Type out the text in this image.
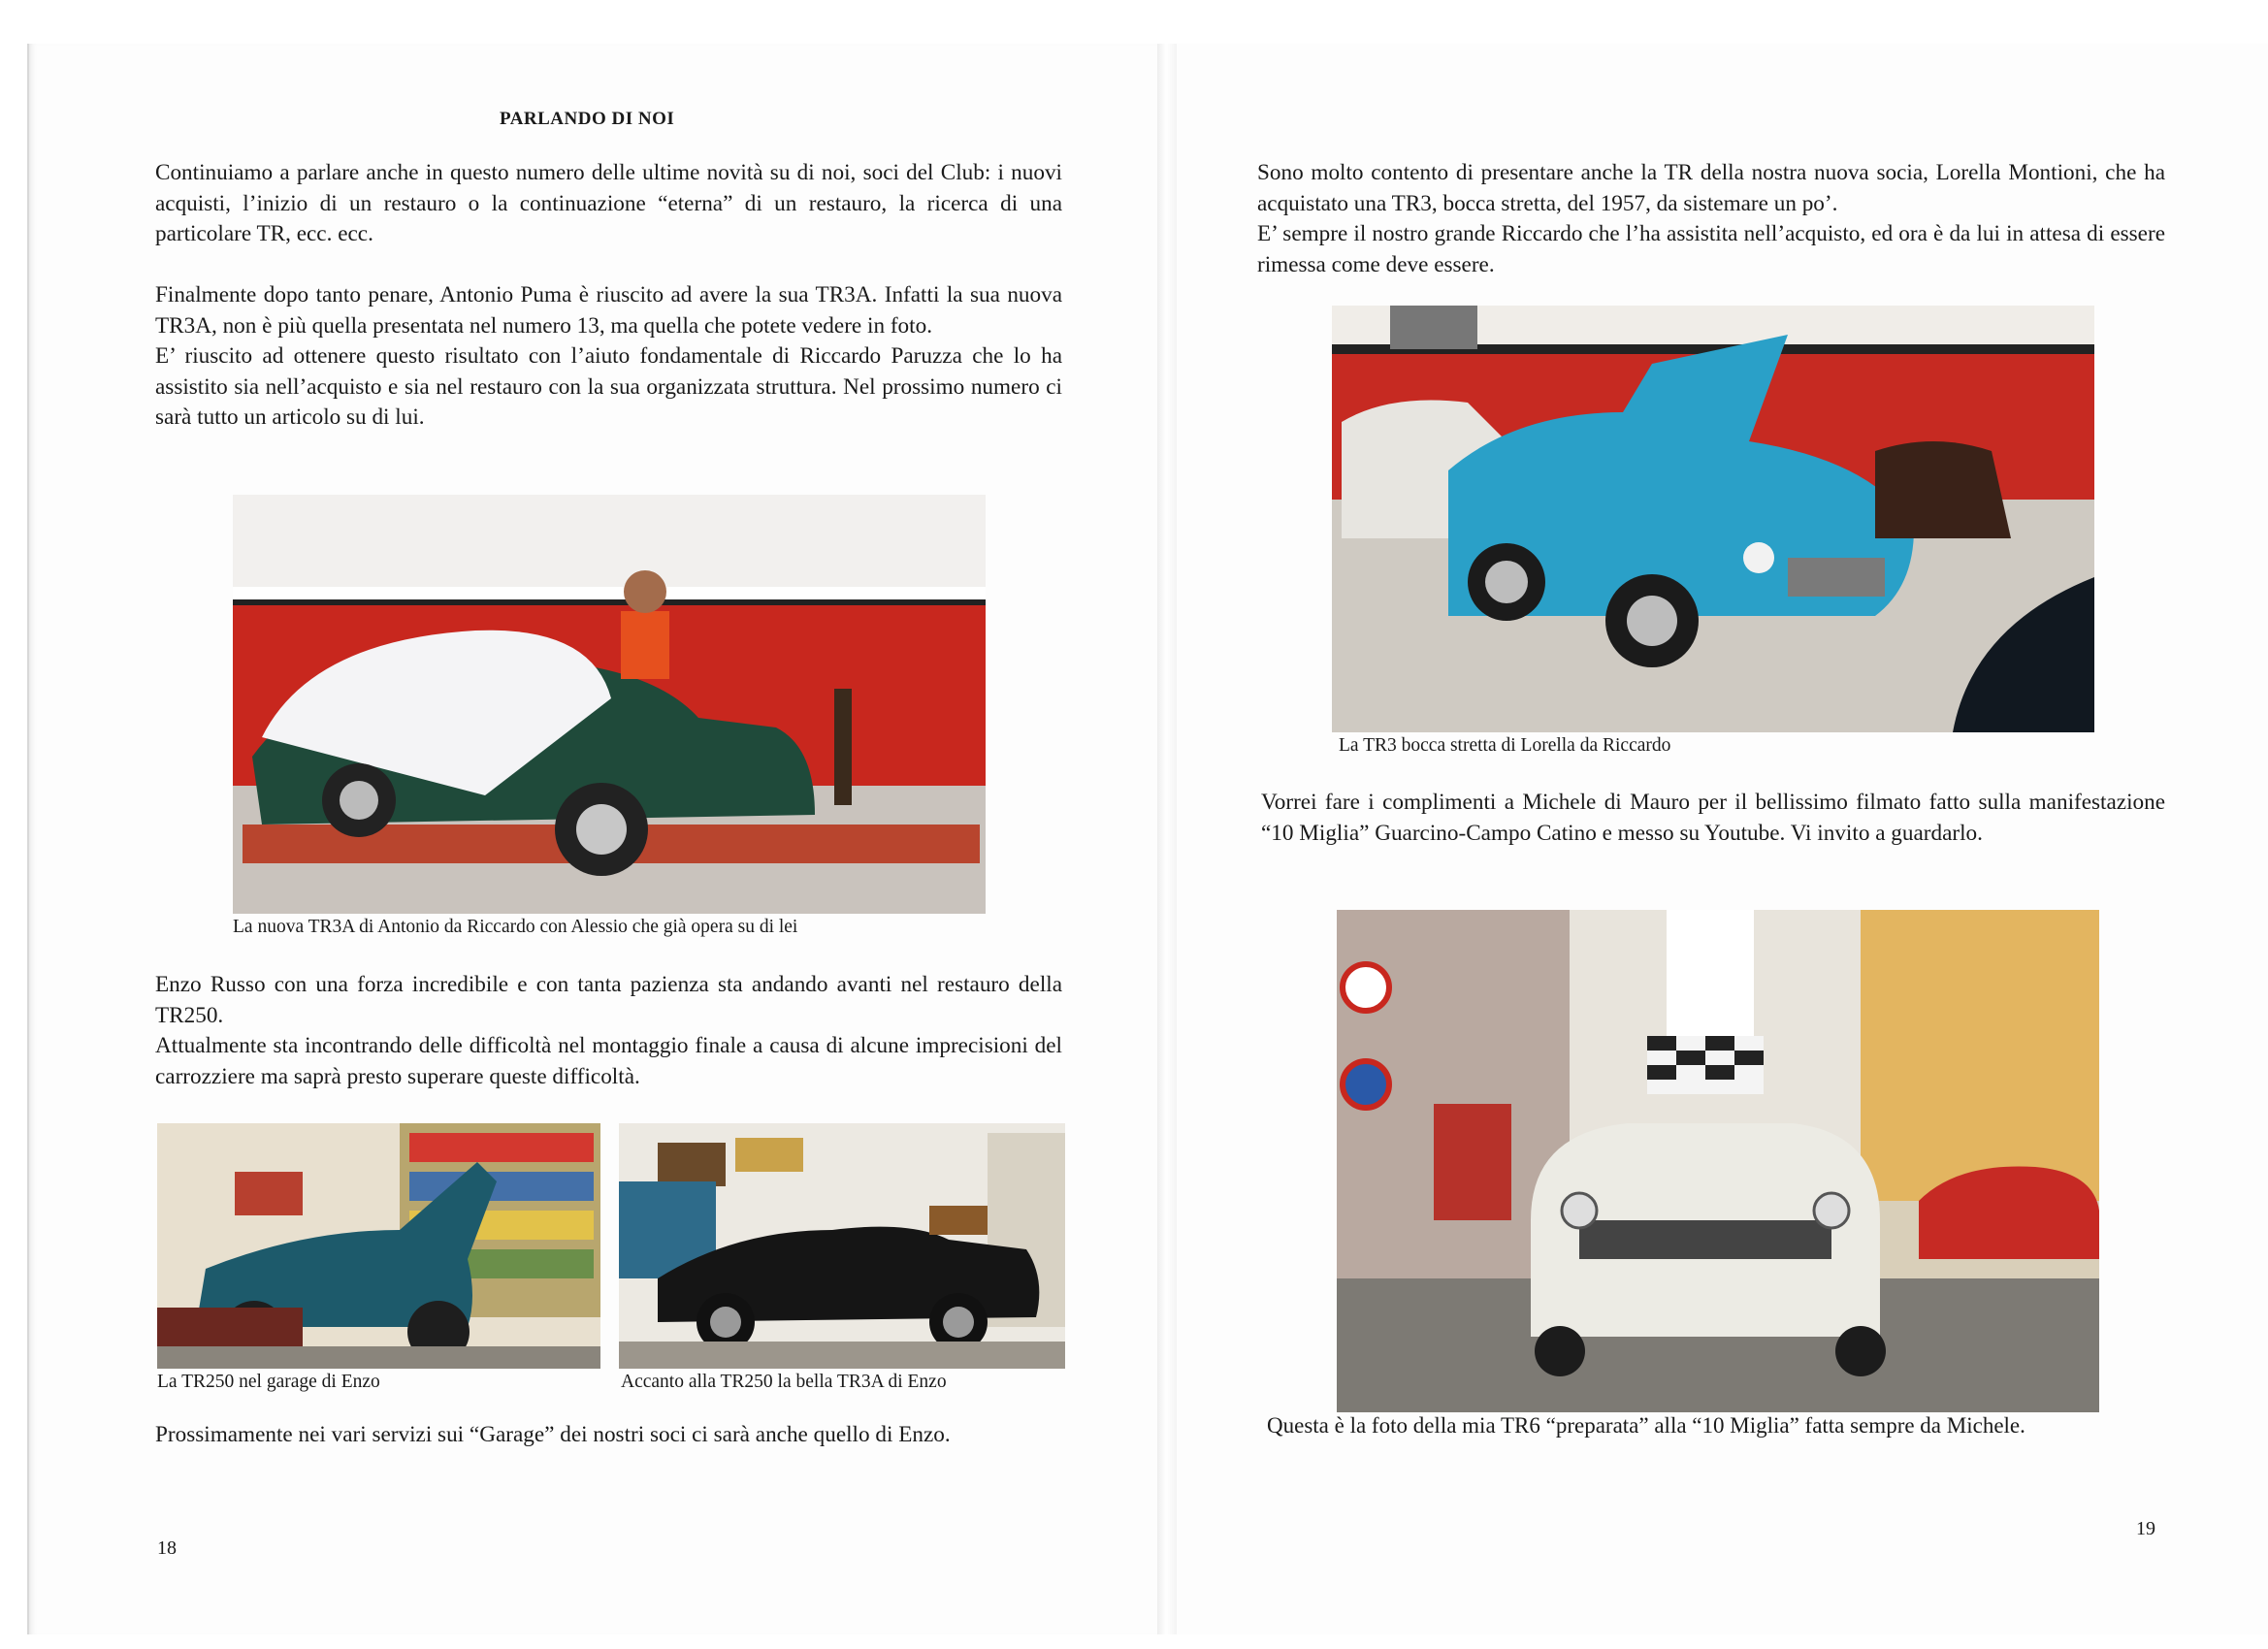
PARLANDO DI NOI

Continuiamo a parlare anche in questo numero delle ultime novità su di noi, soci del Club: i nuovi acquisti, l’inizio di un restauro o la continuazione “eterna” di un restauro, la ricerca di una particolare TR, ecc. ecc.

Finalmente dopo tanto penare, Antonio Puma è riuscito ad avere la sua TR3A. Infatti la sua nuova TR3A, non è più quella presentata nel numero 13, ma quella che potete vedere in foto.
E’ riuscito ad ottenere questo risultato con l’aiuto fondamentale di Riccardo Paruzza che lo ha assistito sia nell’acquisto e sia nel restauro con la sua organizzata struttura. Nel prossimo numero ci sarà tutto un articolo su di lui.
La nuova TR3A di Antonio da Riccardo con Alessio che già opera su di lei
Enzo Russo con una forza incredibile e con tanta pazienza sta andando avanti nel restauro della TR250.
Attualmente sta incontrando delle difficoltà nel montaggio finale a causa di alcune imprecisioni del carrozziere ma saprà presto superare queste difficoltà.
La TR250 nel garage di Enzo	Accanto alla TR250 la bella TR3A di Enzo

Prossimamente nei vari servizi sui “Garage” dei nostri soci ci sarà anche quello di Enzo.

18
Sono molto contento di presentare anche la TR della nostra nuova socia, Lorella Montioni, che ha acquistato una TR3, bocca stretta, del 1957, da sistemare un po’.
E’ sempre il nostro grande Riccardo che l’ha assistita nell’acquisto, ed ora è da lui in attesa di essere rimessa come deve essere.
La TR3 bocca stretta di Lorella da Riccardo

Vorrei fare i complimenti a Michele di Mauro per il bellissimo filmato fatto sulla manifestazione “10 Miglia” Guarcino-Campo Catino e messo su Youtube. Vi invito a guardarlo.

Questa è la foto della mia TR6 “preparata” alla “10 Miglia” fatta sempre da Michele.
19
